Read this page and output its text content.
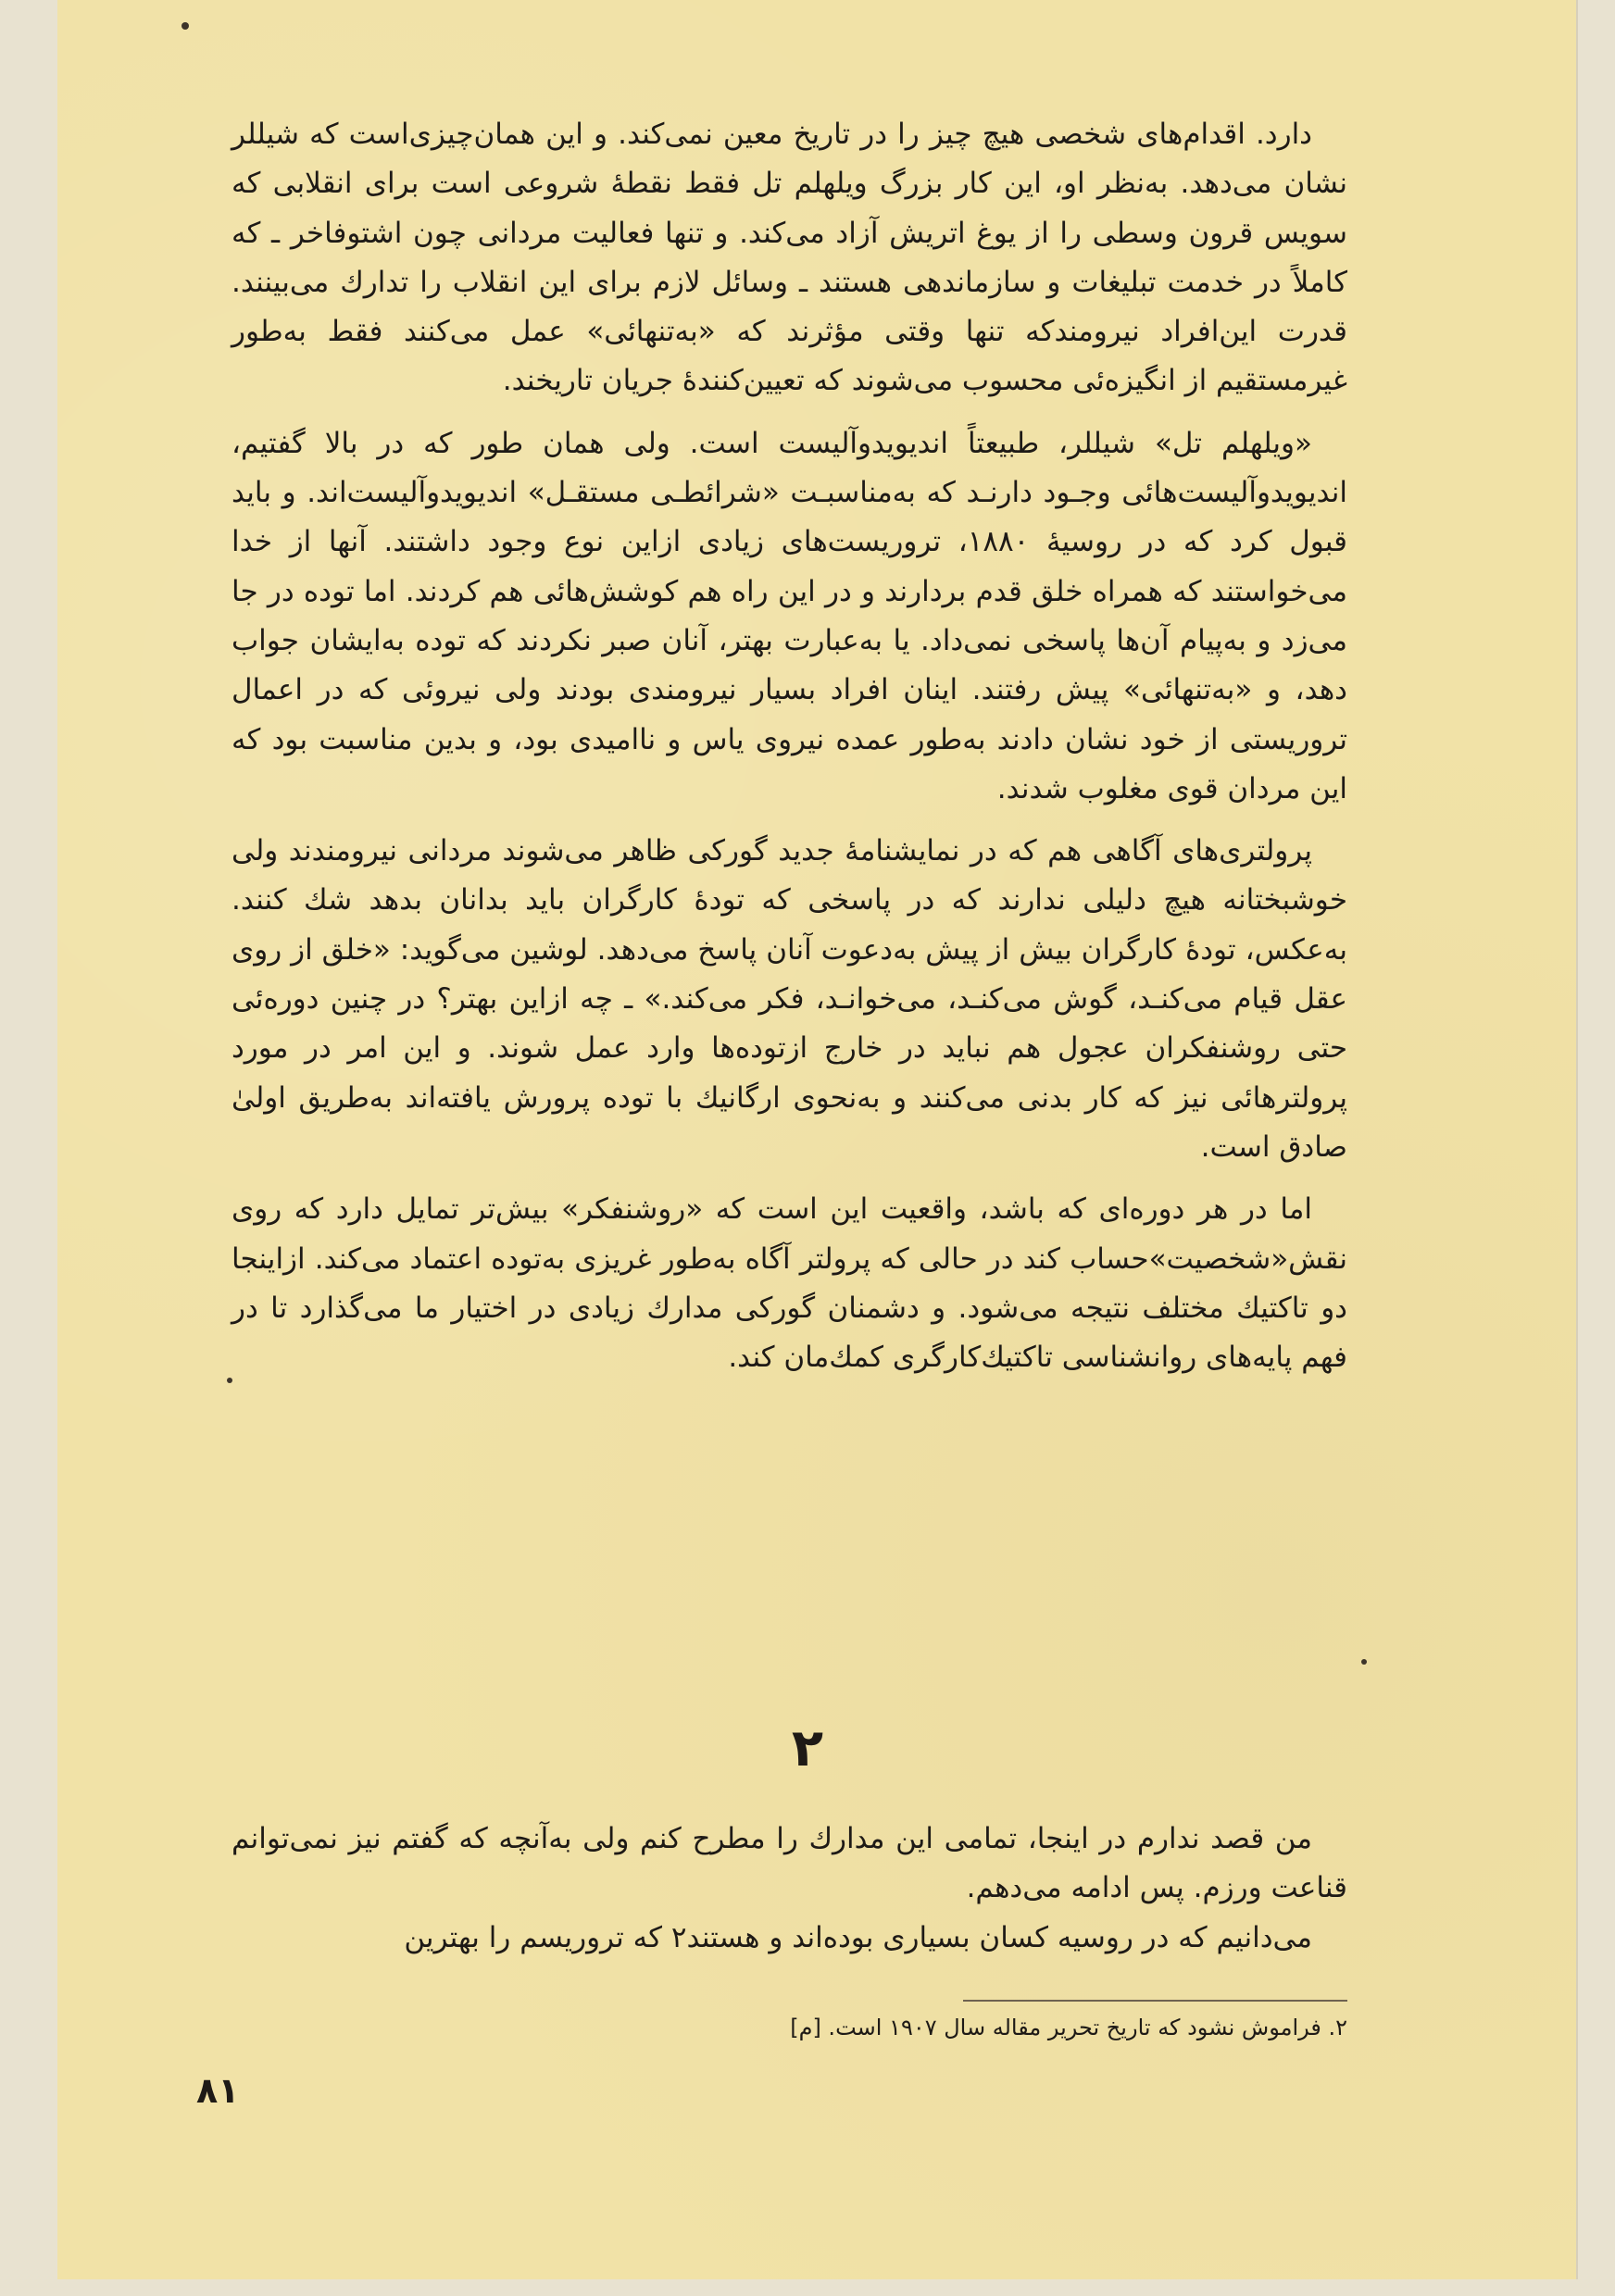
دارد. اقدام‌های شخصی هیچ چیز را در تاریخ معین نمی‌کند. و این همان‌چیزی‌است که شیللر نشان می‌دهد. به‌نظر او، این کار بزرگ ویلهلم تل فقط نقطهٔ شروعی است برای انقلابی که سویس قرون وسطی را از یوغ اتریش آزاد می‌کند. و تنها فعالیت مردانی چون اشتوفاخر ـ که کاملاً در خدمت تبلیغات و سازماندهی هستند ـ وسائل لازم برای این انقلاب را تدارك می‌بینند. قدرت این‌افراد نیرومندکه تنها وقتی مؤثرند که «به‌تنهائی» عمل می‌کنند فقط به‌طور غیرمستقیم از انگیزه‌ئی محسوب می‌شوند که تعیین‌کنندهٔ جریان تاریخند.

«ویلهلم تل» شیللر، طبیعتاً اندیویدوآلیست است. ولی همان طور که در بالا گفتیم، اندیویدوآلیست‌هائی وجـود دارنـد که به‌مناسبـت «شرائطـی مستقـل» اندیویدوآلیست‌اند. و باید قبول کرد که در روسیهٔ ۱۸۸۰، تروریست‌های زیادی ازاین نوع وجود داشتند. آنها از خدا می‌خواستند که همراه خلق قدم بردارند و در این راه هم کوشش‌هائی هم کردند. اما توده در جا می‌زد و به‌پیام آن‌ها پاسخی نمی‌داد. یا به‌عبارت بهتر، آنان صبر نکردند که توده به‌ایشان جواب دهد، و «به‌تنهائی» پیش رفتند. اینان افراد بسیار نیرومندی بودند ولی نیروئی که در اعمال تروریستی از خود نشان دادند به‌طور عمده نیروی یاس و ناامیدی بود، و بدین مناسبت بود که این مردان قوی مغلوب شدند.

پرولتری‌های آگاهی هم که در نمایشنامهٔ جدید گورکی ظاهر می‌شوند مردانی نیرومندند ولی خوشبختانه هیچ دلیلی ندارند که در پاسخی که تودهٔ کارگران باید بدانان بدهد شك کنند. به‌عکس، تودهٔ کارگران بیش از پیش به‌دعوت آنان پاسخ می‌دهد. لوشین می‌گوید: «خلق از روی عقل قیام می‌کنـد، گوش می‌کنـد، می‌خوانـد، فکر می‌کند.» ـ چه ازاین بهتر؟ در چنین دوره‌ئی حتی روشنفکران عجول هم نباید در خارج ازتوده‌ها وارد عمل شوند. و این امر در مورد پرولترهائی نیز که کار بدنی می‌کنند و به‌نحوی ارگانیك با توده پرورش یافته‌اند به‌طریق اولیٰ صادق است.

اما در هر دوره‌ای که باشد، واقعیت این است که «روشنفکر» بیش‌تر تمایل دارد که روی نقش«شخصیت»حساب کند در حالی که پرولتر آگاه به‌طور غریزی به‌توده اعتماد می‌کند. ازاینجا دو تاکتیك مختلف نتیجه می‌شود. و دشمنان گورکی مدارك زیادی در اختیار ما می‌گذارد تا در فهم پایه‌های روانشناسی تاکتیك‌کارگری کمك‌مان کند.

۲

من قصد ندارم در اینجا، تمامی این مدارك را مطرح کنم ولی به‌آنچه که گفتم نیز نمی‌توانم قناعت ورزم. پس ادامه می‌دهم.

می‌دانیم که در روسیه کسان بسیاری بوده‌اند و هستند۲ که تروریسم را بهترین

۲. فراموش نشود که تاریخ تحریر مقاله سال ۱۹۰۷ است. [م]
۸۱
